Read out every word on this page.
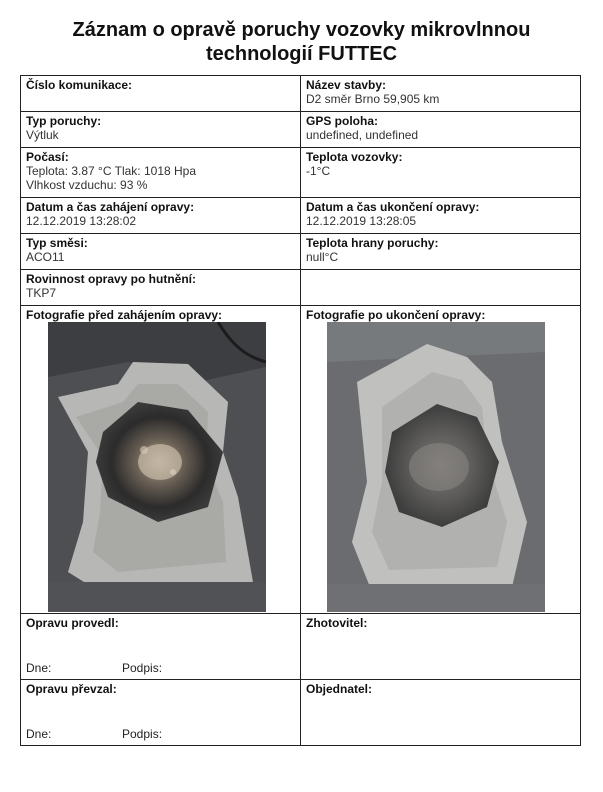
Záznam o opravě poruchy vozovky mikrovlnnou
technologií FUTTEC
Číslo komunikace:	Název stavby:
D2 směr Brno 59,905 km

Typ poruchy:
Výtluk	GPS poloha:
undefined, undefined

Počasí:
Teplota: 3.87 °C Tlak: 1018 Hpa
Vlhkost vzduchu: 93 %	Teplota vozovky:
-1°C

Datum a čas zahájení opravy:
12.12.2019 13:28:02	Datum a čas ukončení opravy:
12.12.2019 13:28:05

Typ směsi:
ACO11	Teplota hrany poruchy:
null°C

Rovinnost opravy po hutnění:
TKP7	

Fotografie před zahájením opravy:	Fotografie po ukončení opravy:

Opravu provedl:
Dne: Podpis:	Zhotovitel:

Opravu převzal:
Dne: Podpis:	Objednatel:
